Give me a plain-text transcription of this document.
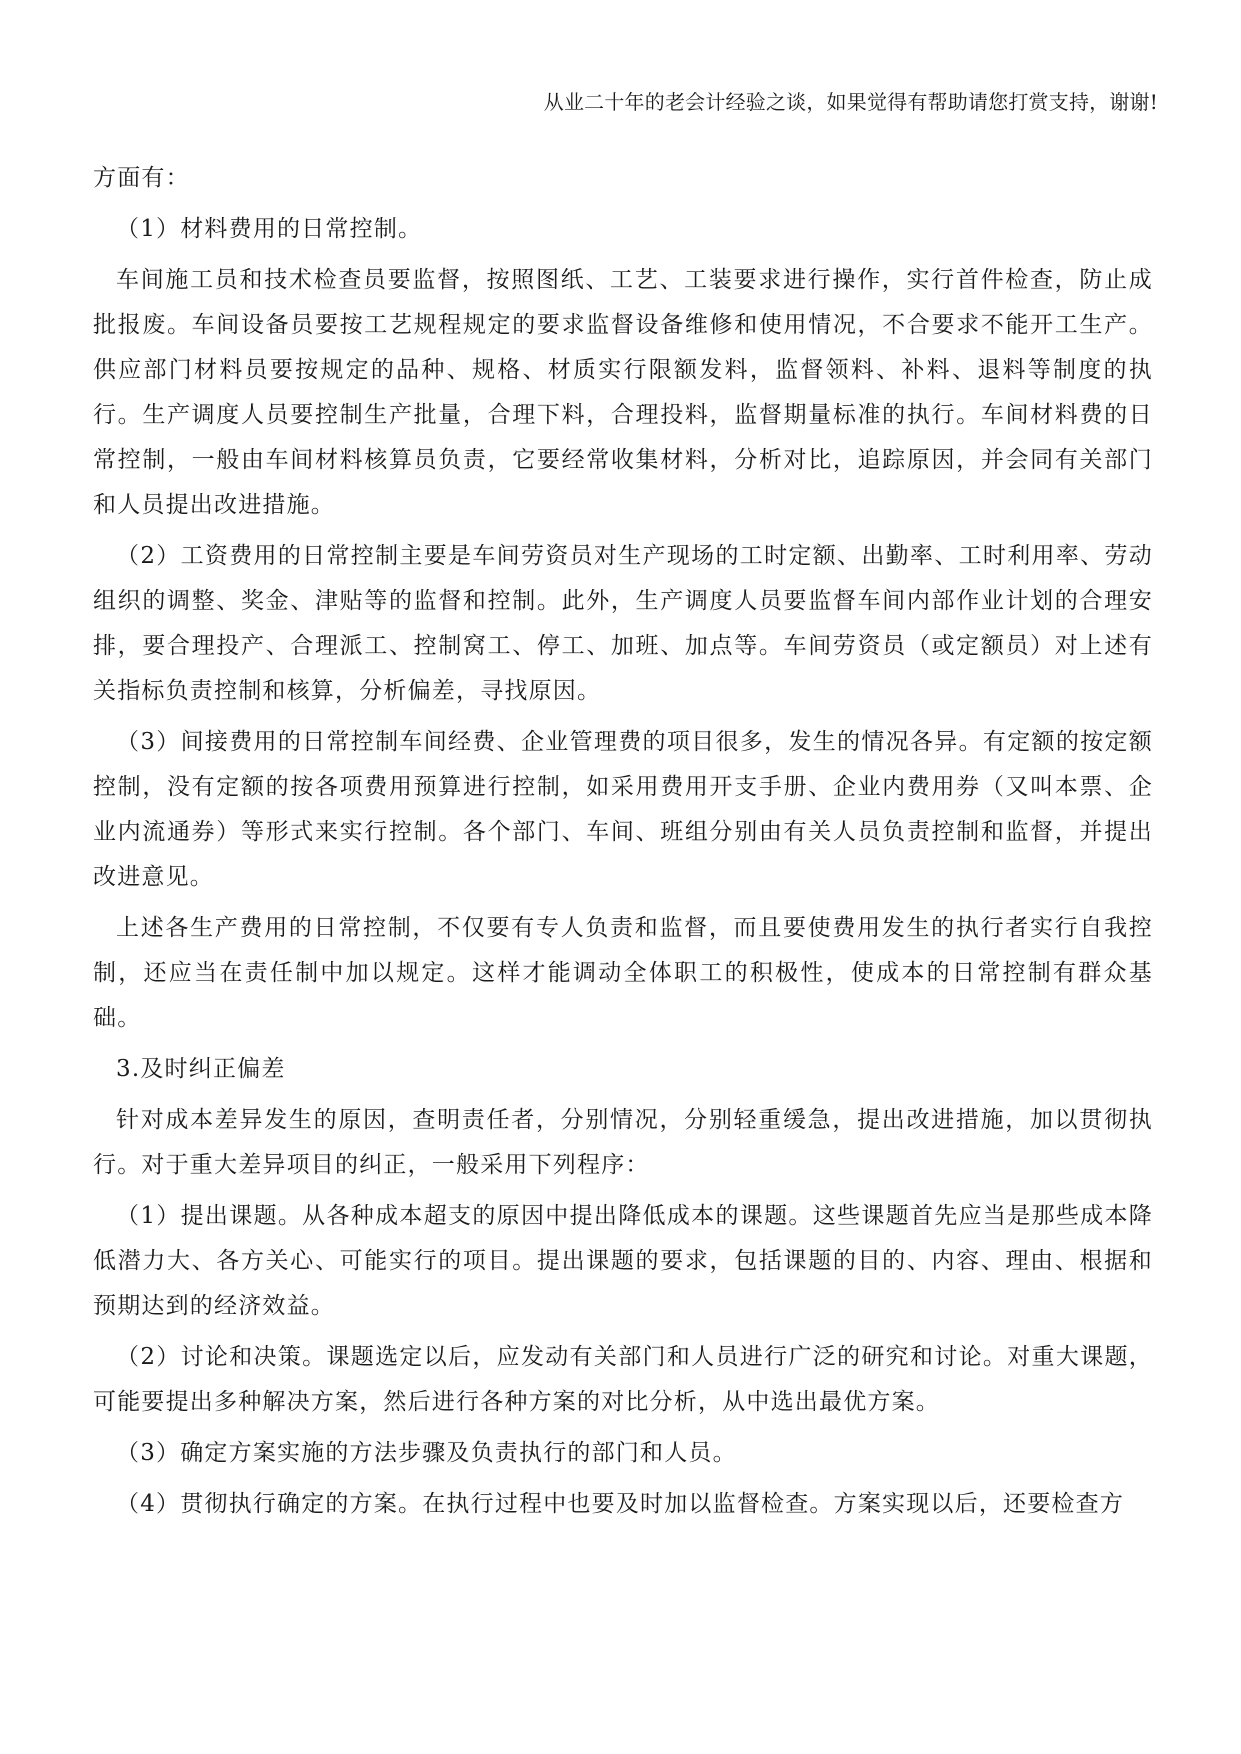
从业二十年的老会计经验之谈，如果觉得有帮助请您打赏支持，谢谢!

方面有：

（1）材料费用的日常控制。

车间施工员和技术检查员要监督，按照图纸、工艺、工装要求进行操作，实行首件检查，防止成批报废。车间设备员要按工艺规程规定的要求监督设备维修和使用情况，不合要求不能开工生产。供应部门材料员要按规定的品种、规格、材质实行限额发料，监督领料、补料、退料等制度的执行。生产调度人员要控制生产批量，合理下料，合理投料，监督期量标准的执行。车间材料费的日常控制，一般由车间材料核算员负责，它要经常收集材料，分析对比，追踪原因，并会同有关部门和人员提出改进措施。

（2）工资费用的日常控制主要是车间劳资员对生产现场的工时定额、出勤率、工时利用率、劳动组织的调整、奖金、津贴等的监督和控制。此外，生产调度人员要监督车间内部作业计划的合理安排，要合理投产、合理派工、控制窝工、停工、加班、加点等。车间劳资员（或定额员）对上述有关指标负责控制和核算，分析偏差，寻找原因。

（3）间接费用的日常控制车间经费、企业管理费的项目很多，发生的情况各异。有定额的按定额控制，没有定额的按各项费用预算进行控制，如采用费用开支手册、企业内费用券（又叫本票、企业内流通券）等形式来实行控制。各个部门、车间、班组分别由有关人员负责控制和监督，并提出改进意见。

上述各生产费用的日常控制，不仅要有专人负责和监督，而且要使费用发生的执行者实行自我控制，还应当在责任制中加以规定。这样才能调动全体职工的积极性，使成本的日常控制有群众基础。

3.及时纠正偏差

针对成本差异发生的原因，查明责任者，分别情况，分别轻重缓急，提出改进措施，加以贯彻执行。对于重大差异项目的纠正，一般采用下列程序：

（1）提出课题。从各种成本超支的原因中提出降低成本的课题。这些课题首先应当是那些成本降低潜力大、各方关心、可能实行的项目。提出课题的要求，包括课题的目的、内容、理由、根据和预期达到的经济效益。

（2）讨论和决策。课题选定以后，应发动有关部门和人员进行广泛的研究和讨论。对重大课题，可能要提出多种解决方案，然后进行各种方案的对比分析，从中选出最优方案。

（3）确定方案实施的方法步骤及负责执行的部门和人员。

（4）贯彻执行确定的方案。在执行过程中也要及时加以监督检查。方案实现以后，还要检查方
